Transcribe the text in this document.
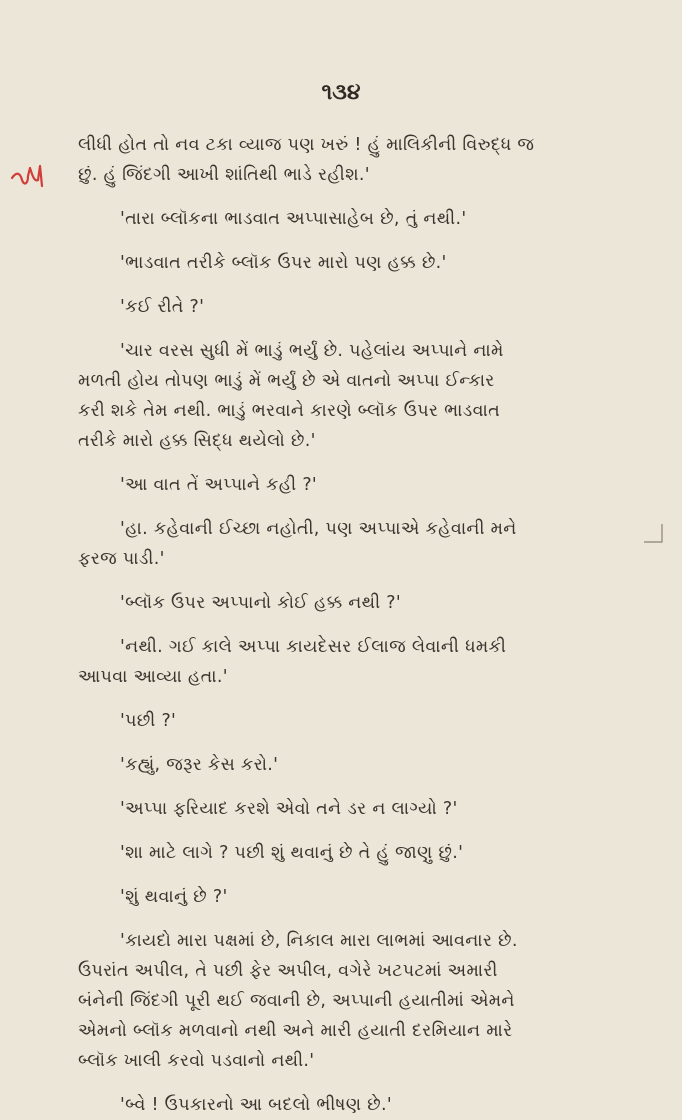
૧૩૪
લીધી હોત તો નવ ટકા વ્યાજ પણ ખરું ! હું માલિકીની વિરુદ્ધ જ
છું. હું જિંદગી આખી શાંતિથી ભાડે રહીશ.'
'તારા બ્લૉકના ભાડવાત અપ્પાસાહેબ છે, તું નથી.'
'ભાડવાત તરીકે બ્લૉક ઉપર મારો પણ હક્ક છે.'
'કઈ રીતે ?'
'ચાર વરસ સુધી મેં ભાડું ભર્યું છે. પહેલાંય અપ્પાને નામે
મળતી હોય તોપણ ભાડું મેં ભર્યું છે એ વાતનો અપ્પા ઈન્કાર
કરી શકે તેમ નથી. ભાડું ભરવાને કારણે બ્લૉક ઉપર ભાડવાત
તરીકે મારો હક્ક સિદ્ધ થયેલો છે.'
'આ વાત તેં અપ્પાને કહી ?'
'હા. કહેવાની ઈચ્છા નહોતી, પણ અપ્પાએ કહેવાની મને
ફરજ પાડી.'
'બ્લૉક ઉપર અપ્પાનો કોઈ હક્ક નથી ?'
'નથી. ગઈ કાલે અપ્પા કાયદેસર ઈલાજ લેવાની ધમકી
આપવા આવ્યા હતા.'
'પછી ?'
'કહ્યું, જરૂર કેસ કરો.'
'અપ્પા ફરિયાદ કરશે એવો તને ડર ન લાગ્યો ?'
'શા માટે લાગે ? પછી શું થવાનું છે તે હું જાણુ છું.'
'શું થવાનું છે ?'
'કાયદો મારા પક્ષમાં છે, નિકાલ મારા લાભમાં આવનાર છે.
ઉપરાંત અપીલ, તે પછી ફેર અપીલ, વગેરે ખટપટમાં અમારી
બંનેની જિંદગી પૂરી થઈ જવાની છે, અપ્પાની હયાતીમાં એમને
એમનો બ્લૉક મળવાનો નથી અને મારી હયાતી દરમિયાન મારે
બ્લૉક ખાલી કરવો પડવાનો નથી.'
'બ્વે ! ઉપકારનો આ બદલો ભીષણ છે.'
